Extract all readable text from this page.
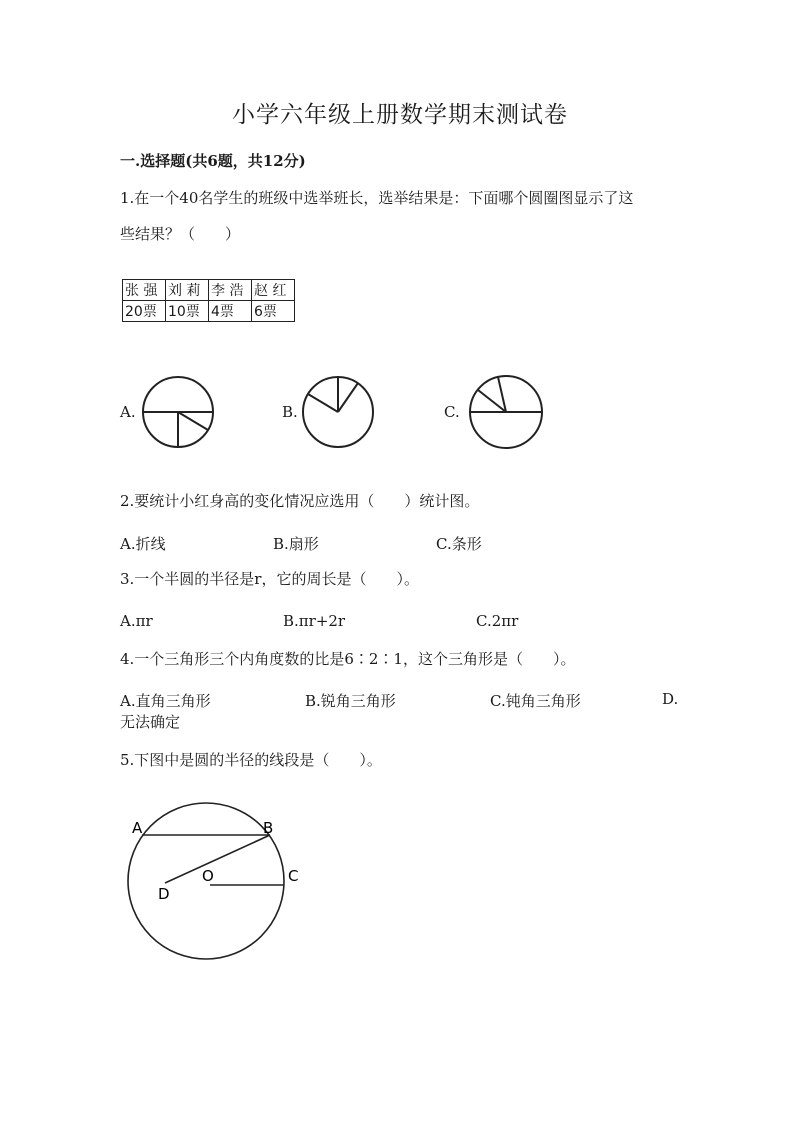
小学六年级上册数学期末测试卷
一.选择题(共6题，共12分)
1.在一个40名学生的班级中选举班长，选举结果是：下面哪个圆圈图显示了这
些结果？（　　）
张 强	刘 莉	李 浩	赵 红
20票	10票	4票	6票
A.	B.	C.
2.要统计小红身高的变化情况应选用（　　）统计图。
A.折线	B.扇形	C.条形
3.一个半圆的半径是r，它的周长是（　　）。
A.πr	B.πr+2r	C.2πr
4.一个三角形三个内角度数的比是6∶2∶1，这个三角形是（　　）。
A.直角三角形	B.锐角三角形	C.钝角三角形	D.
无法确定
5.下图中是圆的半径的线段是（　　）。
A	B
C
D
O
